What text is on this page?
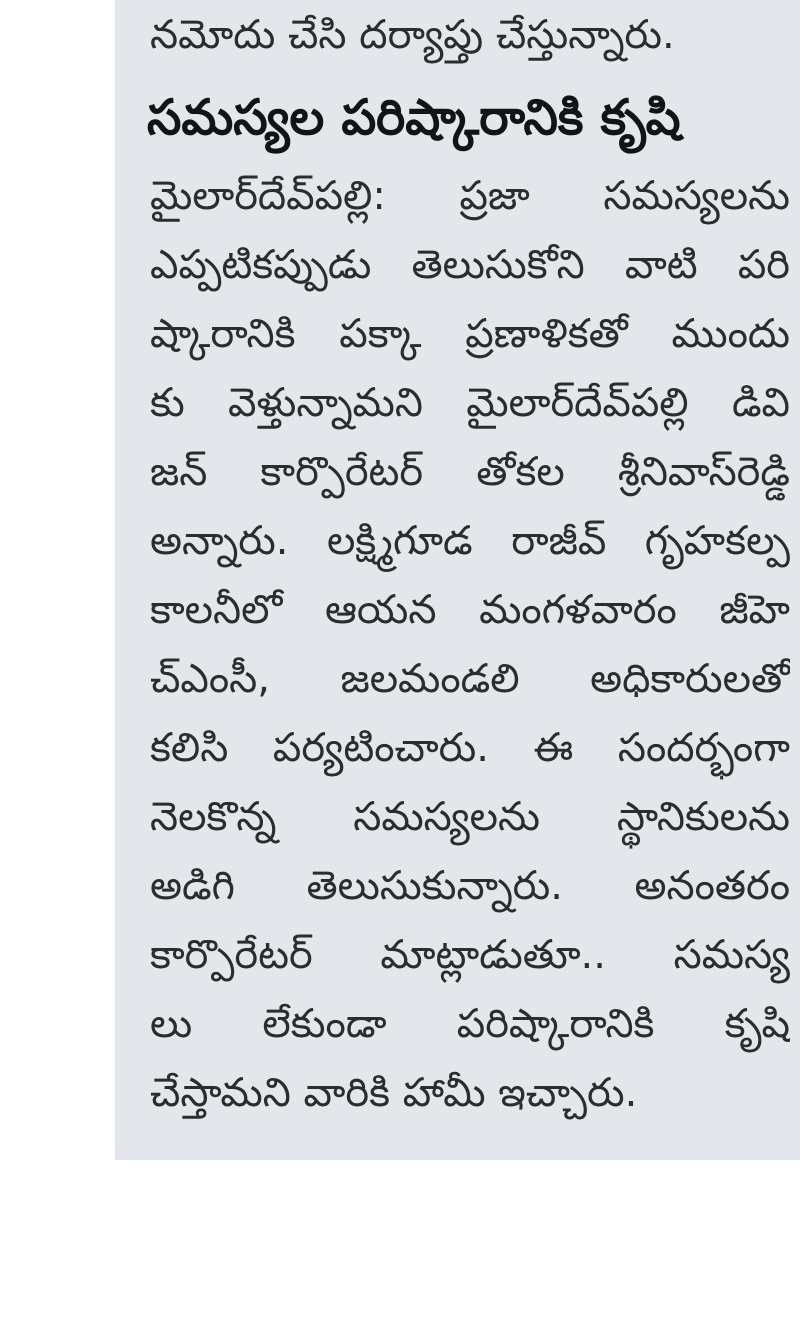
నమోదు చేసి దర్యాప్తు చేస్తున్నారు.

సమస్యల పరిష్కారానికి కృషి
మైలార్‌దేవ్‌పల్లి: ప్రజా సమస్యలను
ఎప్పటికప్పుడు తెలుసుకోని వాటి పరి
ష్కారానికి పక్కా ప్రణాళికతో ముందు
కు వెళ్తున్నామని మైలార్‌దేవ్‌పల్లి డివి
జన్ కార్పొరేటర్ తోకల శ్రీనివాస్‌రెడ్డి
అన్నారు. లక్ష్మిగూడ రాజీవ్ గృహకల్ప
కాలనీలో ఆయన మంగళవారం జీహె
చ్‌ఎంసీ, జలమండలి అధికారులతో
కలిసి పర్యటించారు. ఈ సందర్భంగా
నెలకొన్న సమస్యలను స్థానికులను
అడిగి తెలుసుకున్నారు. అనంతరం
కార్పొరేటర్ మాట్లాడుతూ.. సమస్య
లు లేకుండా పరిష్కారానికి కృషి
చేస్తామని వారికి హామీ ఇచ్చారు.
